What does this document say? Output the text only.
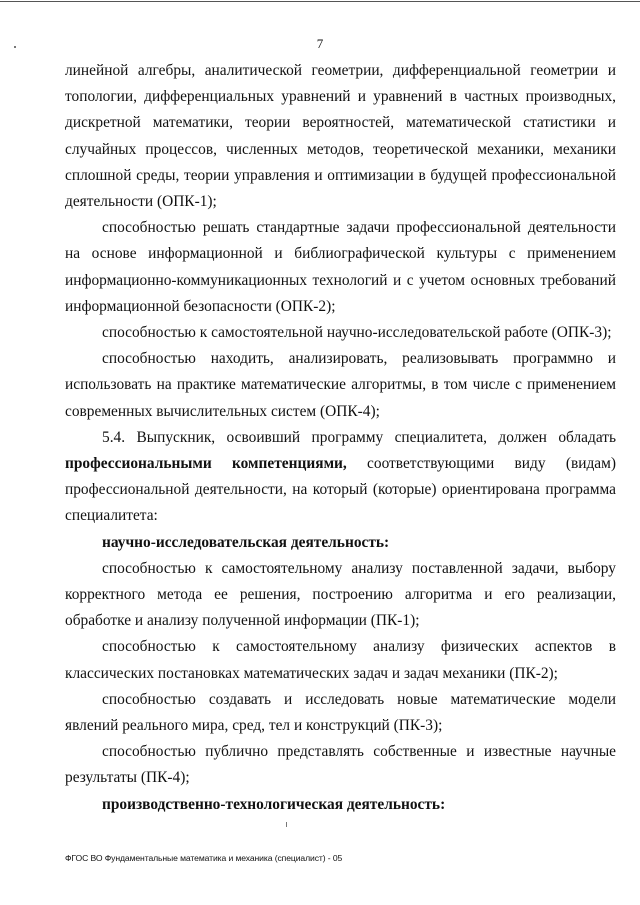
7

линейной алгебры, аналитической геометрии, дифференциальной геометрии и топологии, дифференциальных уравнений и уравнений в частных производных, дискретной математики, теории вероятностей, математической статистики и случайных процессов, численных методов, теоретической механики, механики сплошной среды, теории управления и оптимизации в будущей профессиональной деятельности (ОПК-1);

способностью решать стандартные задачи профессиональной деятельности на основе информационной и библиографической культуры с применением информационно-коммуникационных технологий и с учетом основных требований информационной безопасности (ОПК-2);

способностью к самостоятельной научно-исследовательской работе (ОПК-3);

способностью находить, анализировать, реализовывать программно и использовать на практике математические алгоритмы, в том числе с применением современных вычислительных систем (ОПК-4);

5.4. Выпускник, освоивший программу специалитета, должен обладать профессиональными компетенциями, соответствующими виду (видам) профессиональной деятельности, на который (которые) ориентирована программа специалитета:

научно-исследовательская деятельность:

способностью к самостоятельному анализу поставленной задачи, выбору корректного метода ее решения, построению алгоритма и его реализации, обработке и анализу полученной информации (ПК-1);

способностью к самостоятельному анализу физических аспектов в классических постановках математических задач и задач механики (ПК-2);

способностью создавать и исследовать новые математические модели явлений реального мира, сред, тел и конструкций (ПК-3);

способностью публично представлять собственные и известные научные результаты (ПК-4);

производственно-технологическая деятельность:

ФГОС ВО Фундаментальные математика и механика (специалист) - 05
